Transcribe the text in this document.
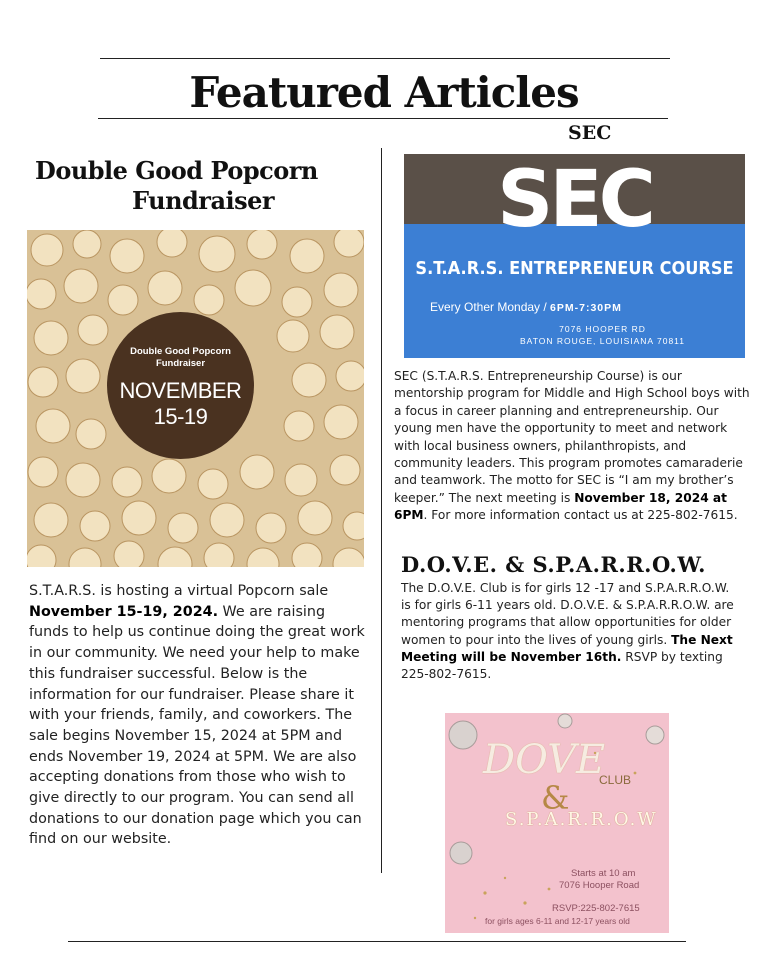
Featured Articles
SEC
Double Good Popcorn
Fundraiser
Double Good Popcorn
Fundraiser
NOVEMBER
15-19
S.T.A.R.S. is hosting a virtual Popcorn sale November 15-19, 2024. We are raising funds to help us continue doing the great work in our community. We need your help to make this fundraiser successful. Below is the information for our fundraiser. Please share it with your friends, family, and coworkers. The sale begins November 15, 2024 at 5PM and ends November 19, 2024 at 5PM. We are also accepting donations from those who wish to give directly to our program. You can send all donations to our donation page which you can find on our website.
SEC
S.T.A.R.S. ENTREPRENEUR COURSE
Every Other Monday / 6PM-7:30PM
7076 HOOPER RD
BATON ROUGE, LOUISIANA 70811
SEC (S.T.A.R.S. Entrepreneurship Course) is our mentorship program for Middle and High School boys with a focus in career planning and entrepreneurship. Our young men have the opportunity to meet and network with local business owners, philanthropists, and community leaders. This program promotes camaraderie and teamwork. The motto for SEC is “I am my brother’s keeper.” The next meeting is November 18, 2024 at 6PM. For more information contact us at 225-802-7615.
D.O.V.E. & S.P.A.R.R.O.W.
The D.O.V.E. Club is for girls 12 -17 and S.P.A.R.R.O.W. is for girls 6-11 years old. D.O.V.E. & S.P.A.R.R.O.W. are mentoring programs that allow opportunities for older women to pour into the lives of young girls. The Next Meeting will be November 16th. RSVP by texting 225-802-7615.
DOVE
CLUB
&
S.P.A.R.R.O.W
Starts at 10 am
7076 Hooper Road
RSVP:225-802-7615
for girls ages 6-11 and 12-17 years old
